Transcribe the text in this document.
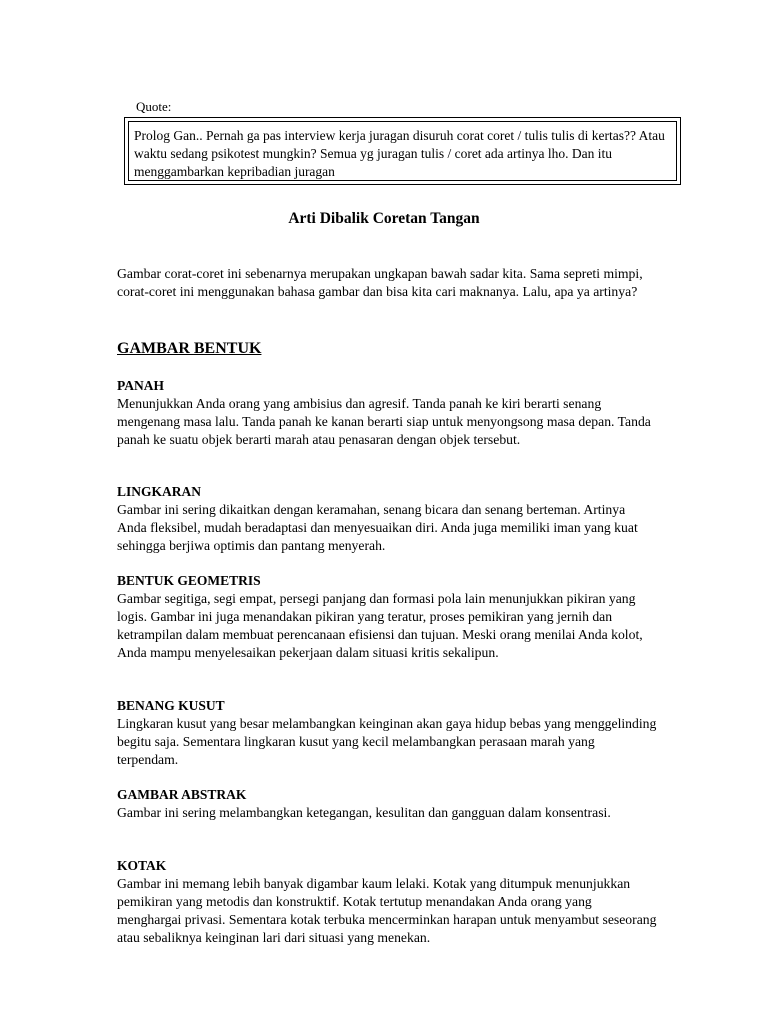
Quote:
Prolog Gan.. Pernah ga pas interview kerja juragan disuruh corat coret / tulis tulis di kertas?? Atau waktu sedang psikotest mungkin? Semua yg juragan tulis / coret ada artinya lho. Dan itu menggambarkan kepribadian juragan
Arti Dibalik Coretan Tangan
Gambar corat-coret ini sebenarnya merupakan ungkapan bawah sadar kita. Sama sepreti mimpi, corat-coret ini menggunakan bahasa gambar dan bisa kita cari maknanya. Lalu, apa ya artinya?
GAMBAR BENTUK
PANAH
Menunjukkan Anda orang yang ambisius dan agresif. Tanda panah ke kiri berarti senang mengenang masa lalu. Tanda panah ke kanan berarti siap untuk menyongsong masa depan. Tanda panah ke suatu objek berarti marah atau penasaran dengan objek tersebut.
LINGKARAN
Gambar ini sering dikaitkan dengan keramahan, senang bicara dan senang berteman. Artinya Anda fleksibel, mudah beradaptasi dan menyesuaikan diri. Anda juga memiliki iman yang kuat sehingga berjiwa optimis dan pantang menyerah.
BENTUK GEOMETRIS
Gambar segitiga, segi empat, persegi panjang dan formasi pola lain menunjukkan pikiran yang logis. Gambar ini juga menandakan pikiran yang teratur, proses pemikiran yang jernih dan ketrampilan dalam membuat perencanaan efisiensi dan tujuan. Meski orang menilai Anda kolot, Anda mampu menyelesaikan pekerjaan dalam situasi kritis sekalipun.
BENANG KUSUT
Lingkaran kusut yang besar melambangkan keinginan akan gaya hidup bebas yang menggelinding begitu saja. Sementara lingkaran kusut yang kecil melambangkan perasaan marah yang terpendam.
GAMBAR ABSTRAK
Gambar ini sering melambangkan ketegangan, kesulitan dan gangguan dalam konsentrasi.
KOTAK
Gambar ini memang lebih banyak digambar kaum lelaki. Kotak yang ditumpuk menunjukkan pemikiran yang metodis dan konstruktif. Kotak tertutup menandakan Anda orang yang menghargai privasi. Sementara kotak terbuka mencerminkan harapan untuk menyambut seseorang atau sebaliknya keinginan lari dari situasi yang menekan.
